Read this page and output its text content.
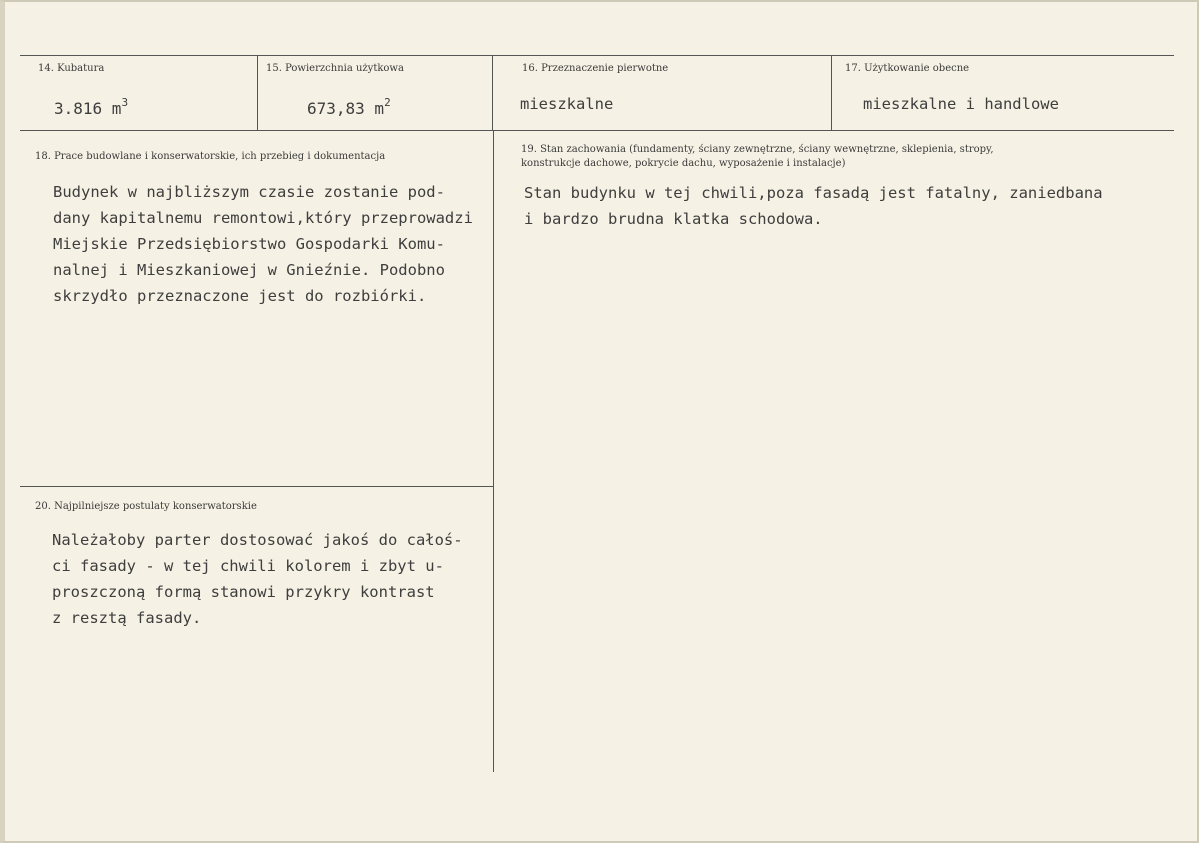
14. Kubatura
3.816 $m^3$
15. Powierzchnia użytkowa
673,83 $m^2$
16. Przeznaczenie pierwotne
mieszkalne
17. Użytkowanie obecne
mieszkalne i handlowe
18. Prace budowlane i konserwatorskie, ich przebieg i dokumentacja
Budynek w najbliższym czasie zostanie pod-
dany kapitalnemu remontowi,który przeprowadzi
Miejskie Przedsiębiorstwo Gospodarki Komu-
nalnej i Mieszkaniowej w Gnieźnie. Podobno
skrzydło przeznaczone jest do rozbiórki.
19. Stan zachowania (fundamenty, ściany zewnętrzne, ściany wewnętrzne, sklepienia, stropy,
konstrukcje dachowe, pokrycie dachu, wyposażenie i instalacje)
Stan budynku w tej chwili,poza fasadą jest fatalny, zaniedbana
i bardzo brudna klatka schodowa.
20. Najpilniejsze postulaty konserwatorskie
Należałoby parter dostosować jakoś do całoś-
ci fasady - w tej chwili kolorem i zbyt u-
proszczoną formą stanowi przykry kontrast
z resztą fasady.
